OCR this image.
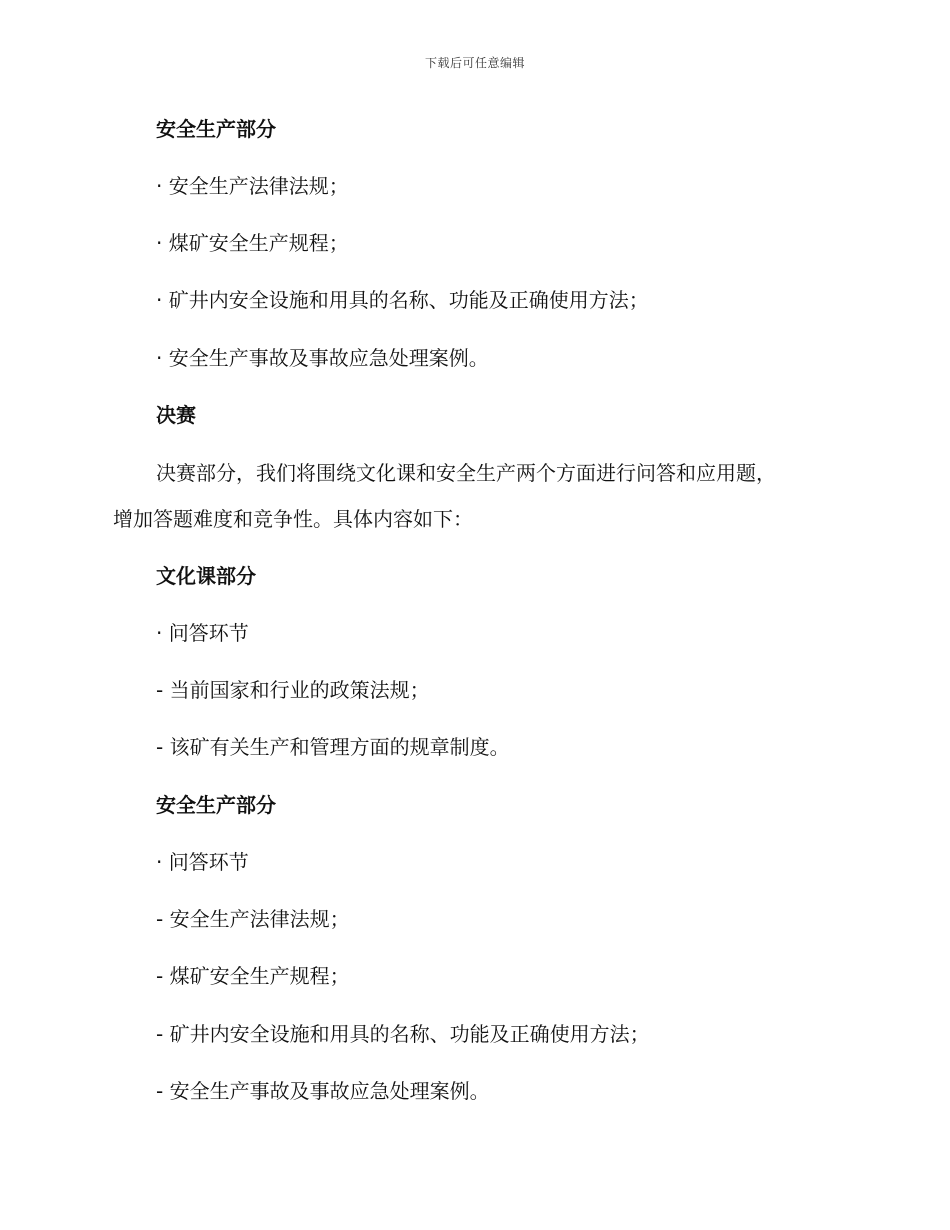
下载后可任意编辑
安全生产部分
· 安全生产法律法规；
· 煤矿安全生产规程；
· 矿井内安全设施和用具的名称、功能及正确使用方法；
· 安全生产事故及事故应急处理案例。
决赛
决赛部分，我们将围绕文化课和安全生产两个方面进行问答和应用题，
增加答题难度和竞争性。具体内容如下：
文化课部分
· 问答环节
- 当前国家和行业的政策法规；
- 该矿有关生产和管理方面的规章制度。
安全生产部分
· 问答环节
- 安全生产法律法规；
- 煤矿安全生产规程；
- 矿井内安全设施和用具的名称、功能及正确使用方法；
- 安全生产事故及事故应急处理案例。
